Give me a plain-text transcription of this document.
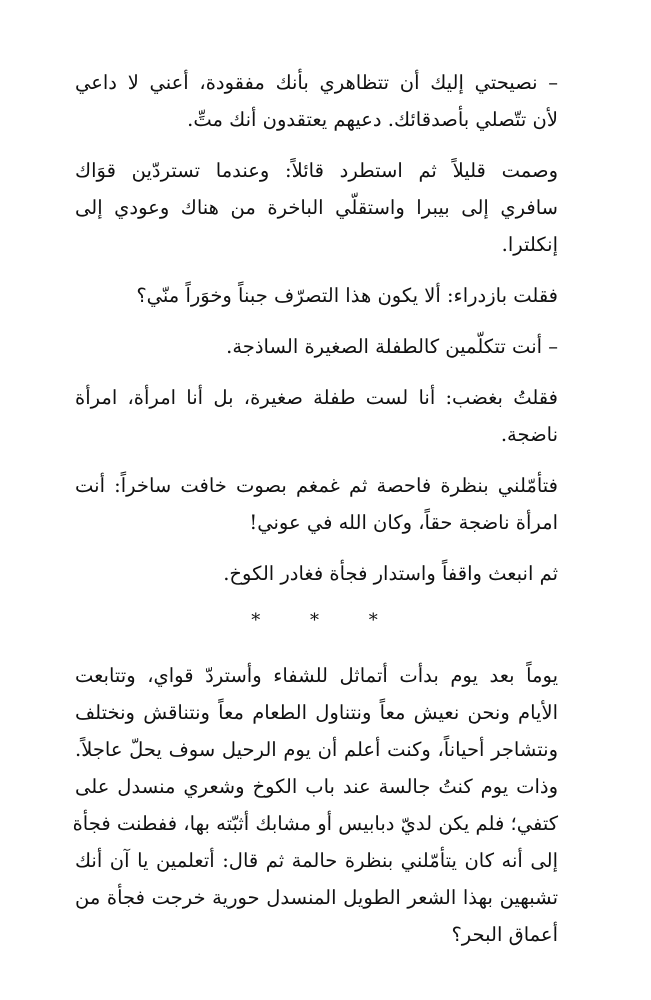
– نصيحتي إليك أن تتظاهري بأنك مفقودة، أعني لا داعي
لأن تتّصلي بأصدقائك. دعيهم يعتقدون أنك متِّ.
وصمت قليلاً ثم استطرد قائلاً: وعندما تستردّين قوَاك
سافري إلى بيبرا واستقلّي الباخرة من هناك وعودي إلى
إنكلترا.
فقلت بازدراء: ألا يكون هذا التصرّف جبناً وخوَراً منّي؟
– أنت تتكلّمين كالطفلة الصغيرة الساذجة.
فقلتُ بغضب: أنا لست طفلة صغيرة، بل أنا امرأة، امرأة
ناضجة.
فتأمّلني بنظرة فاحصة ثم غمغم بصوت خافت ساخراً: أنت
امرأة ناضجة حقاً، وكان الله في عوني!
ثم انبعث واقفاً واستدار فجأة فغادر الكوخ.
* * *
يوماً بعد يوم بدأت أتماثل للشفاء وأستردّ قواي، وتتابعت
الأيام ونحن نعيش معاً ونتناول الطعام معاً ونتناقش ونختلف
ونتشاجر أحياناً، وكنت أعلم أن يوم الرحيل سوف يحلّ عاجلاً.
وذات يوم كنتُ جالسة عند باب الكوخ وشعري منسدل على
كتفي؛ فلم يكن لديّ دبابيس أو مشابك أثبّته بها، ففطنت فجأة
إلى أنه كان يتأمّلني بنظرة حالمة ثم قال: أتعلمين يا آن أنك
تشبهين بهذا الشعر الطويل المنسدل حورية خرجت فجأة من
أعماق البحر؟
